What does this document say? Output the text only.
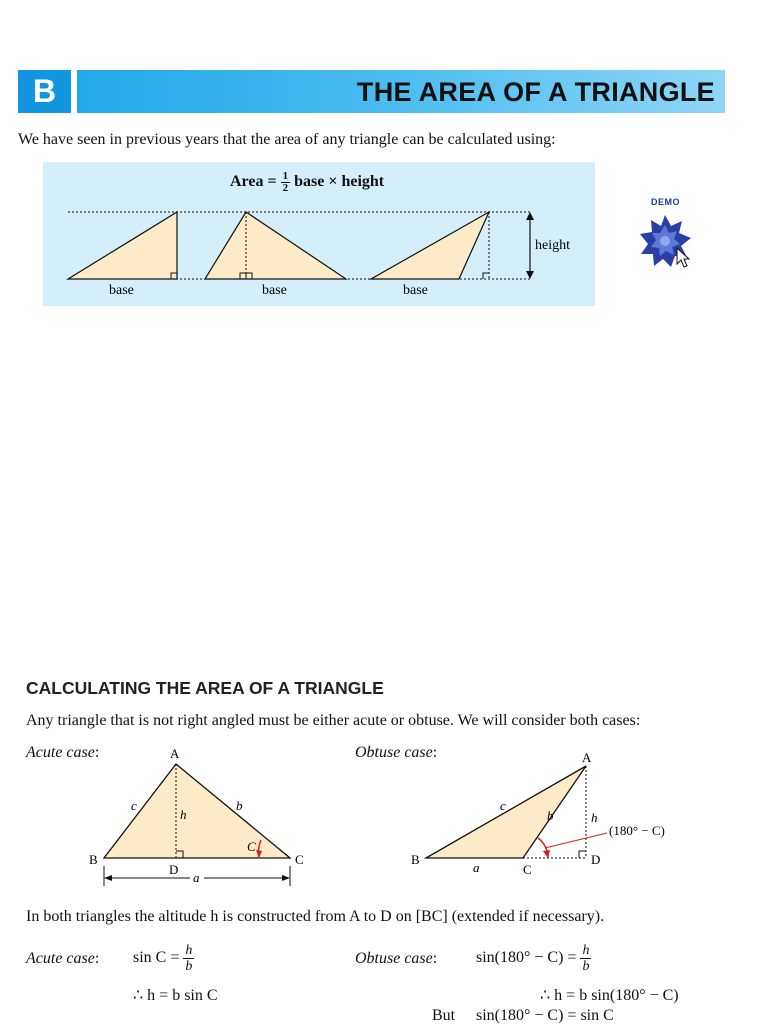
B	THE AREA OF A TRIANGLE
We have seen in previous years that the area of any triangle can be calculated using:
Area = $\frac{1}{2}$ base × height
height
base	base	base
DEMO
CALCULATING THE AREA OF A TRIANGLE
Any triangle that is not right angled must be either acute or obtuse. We will consider both cases:
Acute case:	Obtuse case:
A
B	C
D
c	b
h
C
a
A
B
C
D
c
b	h
a
(180° − C)
In both triangles the altitude h is constructed from A to D on [BC] (extended if necessary).
Acute case: $\sin C = \frac{h}{b}$
∴ h = b sin C
Obtuse case: $\sin(180^\circ - C) = \frac{h}{b}$
∴ h = b sin(180° − C)
But sin(180° − C) = sin C
